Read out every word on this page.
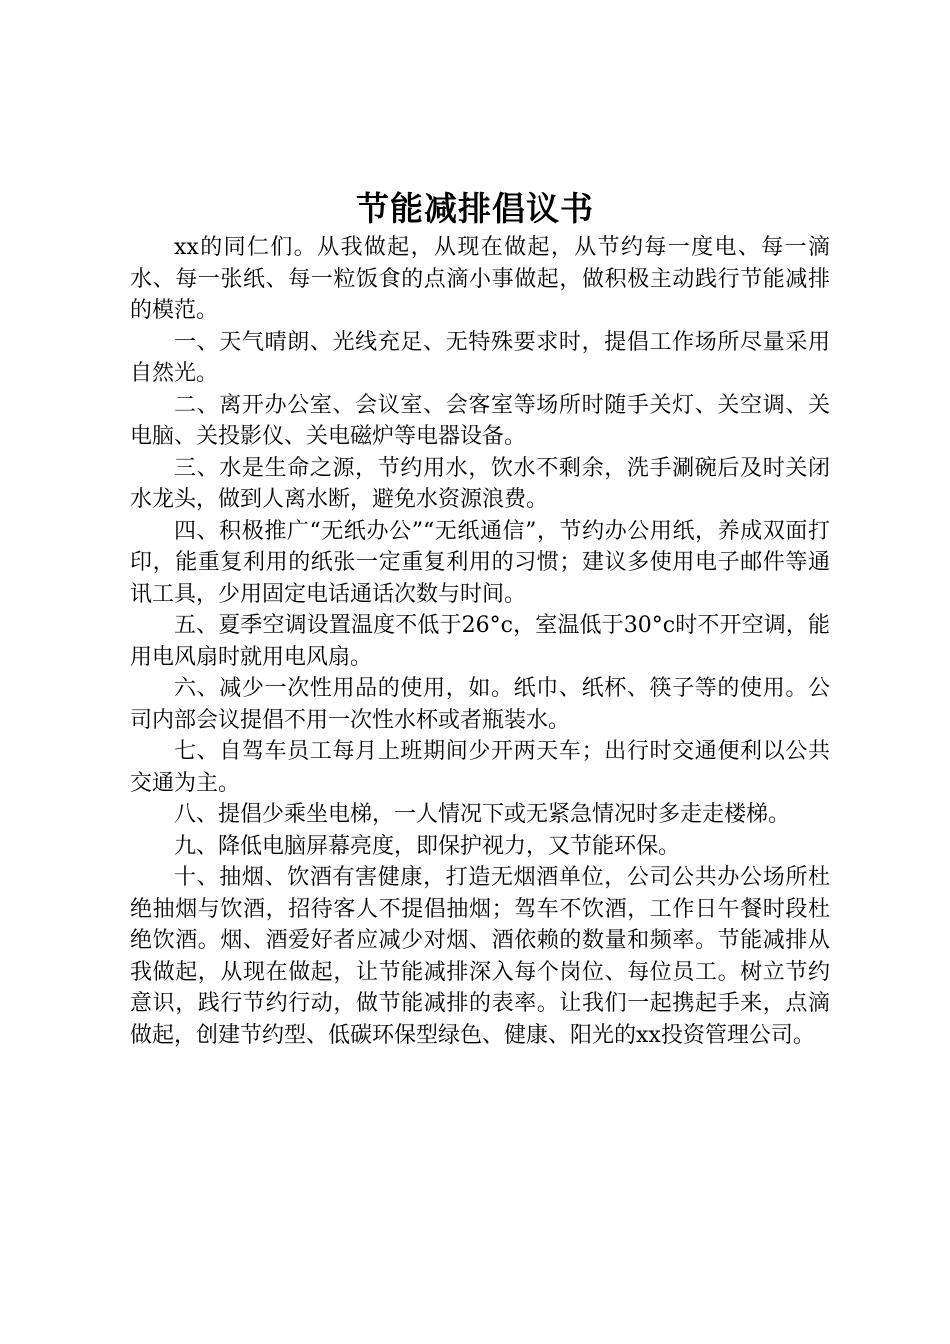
节能减排倡议书

xx的同仁们。从我做起，从现在做起，从节约每一度电、每一滴水、每一张纸、每一粒饭食的点滴小事做起，做积极主动践行节能减排的模范。

一、天气晴朗、光线充足、无特殊要求时，提倡工作场所尽量采用自然光。

二、离开办公室、会议室、会客室等场所时随手关灯、关空调、关电脑、关投影仪、关电磁炉等电器设备。

三、水是生命之源，节约用水，饮水不剩余，洗手涮碗后及时关闭水龙头，做到人离水断，避免水资源浪费。

四、积极推广“无纸办公”“无纸通信”，节约办公用纸，养成双面打印，能重复利用的纸张一定重复利用的习惯；建议多使用电子邮件等通讯工具，少用固定电话通话次数与时间。

五、夏季空调设置温度不低于26°c，室温低于30°c时不开空调，能用电风扇时就用电风扇。

六、减少一次性用品的使用，如。纸巾、纸杯、筷子等的使用。公司内部会议提倡不用一次性水杯或者瓶装水。

七、自驾车员工每月上班期间少开两天车；出行时交通便利以公共交通为主。

八、提倡少乘坐电梯，一人情况下或无紧急情况时多走走楼梯。

九、降低电脑屏幕亮度，即保护视力，又节能环保。

十、抽烟、饮酒有害健康，打造无烟酒单位，公司公共办公场所杜绝抽烟与饮酒，招待客人不提倡抽烟；驾车不饮酒，工作日午餐时段杜绝饮酒。烟、酒爱好者应减少对烟、酒依赖的数量和频率。节能减排从我做起，从现在做起，让节能减排深入每个岗位、每位员工。树立节约意识，践行节约行动，做节能减排的表率。让我们一起携起手来，点滴做起，创建节约型、低碳环保型绿色、健康、阳光的xx投资管理公司。
